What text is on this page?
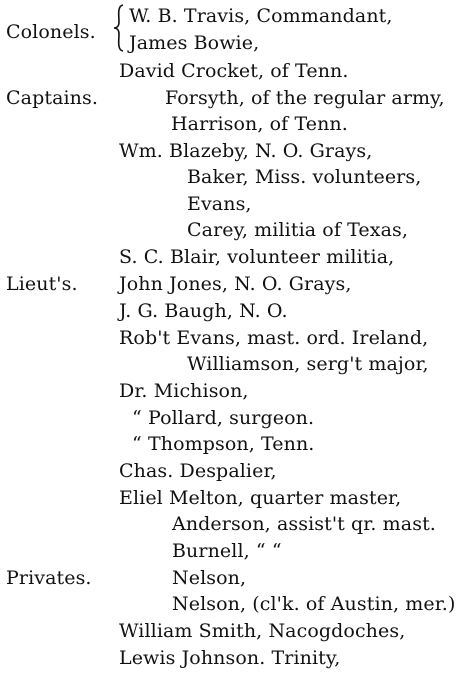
Colonels.
W. B. Travis, Commandant,
James Bowie,
David Crocket, of Tenn.
Captains.	Forsyth, of the regular army,
Harrison, of Tenn.
Wm. Blazeby, N. O. Grays,
Baker, Miss. volunteers,
Evans,
Carey, militia of Texas,
S. C. Blair, volunteer militia,
Lieut's. John Jones, N. O. Grays,
J. G. Baugh, N. O.
Rob't Evans, mast. ord. Ireland,
Williamson, serg't major,
Dr. Michison,
“ Pollard, surgeon.
“ Thompson, Tenn.
Chas. Despalier,
Eliel Melton, quarter master,
Anderson, assist't qr. mast.
Burnell, “ “
Privates.	Nelson,
Nelson, (cl'k. of Austin, mer.)
William Smith, Nacogdoches,
Lewis Johnson. Trinity,
